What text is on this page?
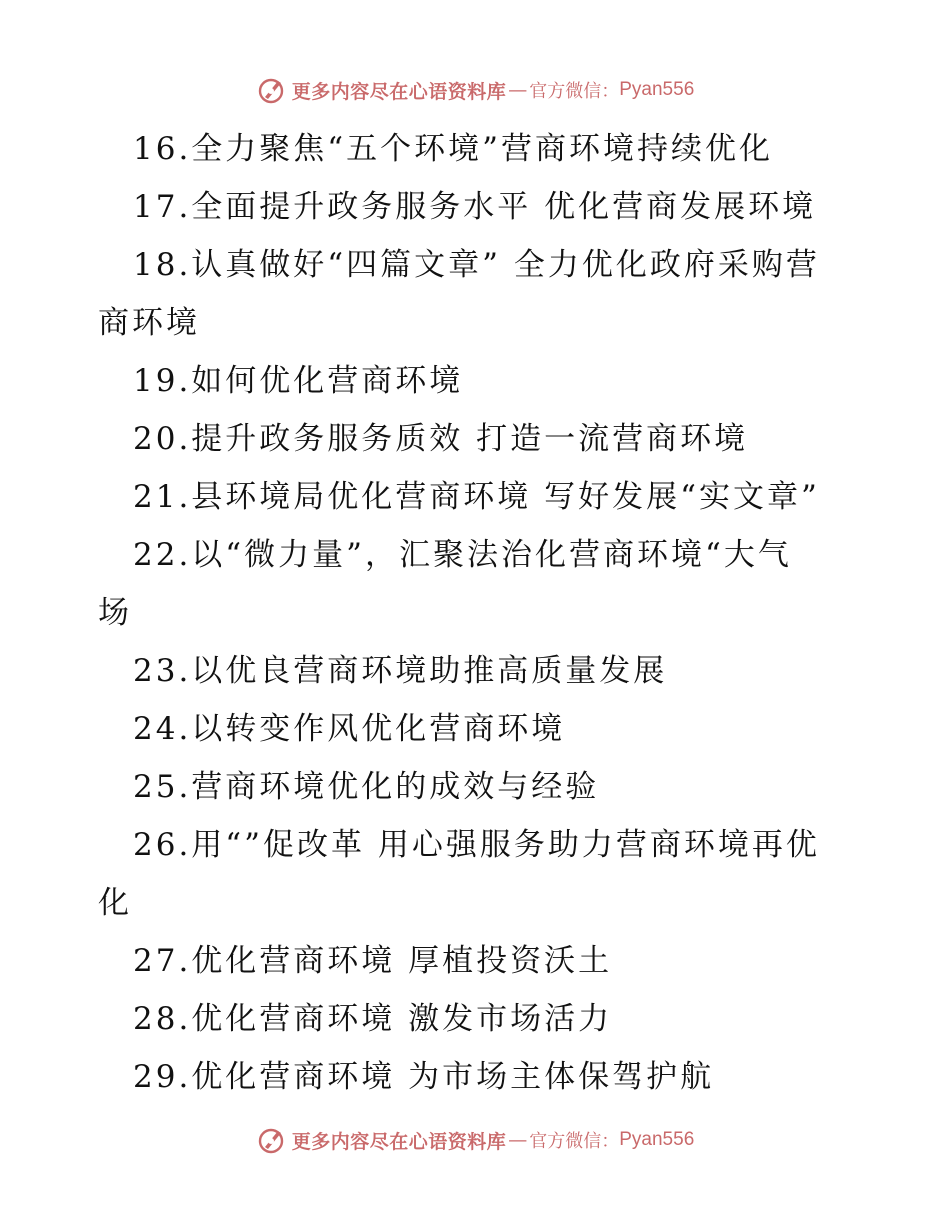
更多内容尽在心语资料库 — 官方微信： Pyan556
16.全力聚焦“五个环境”营商环境持续优化
17.全面提升政务服务水平 优化营商发展环境
18.认真做好“四篇文章” 全力优化政府采购营
商环境
19.如何优化营商环境
20.提升政务服务质效 打造一流营商环境
21.县环境局优化营商环境 写好发展“实文章”
22.以“微力量”，汇聚法治化营商环境“大气
场
23.以优良营商环境助推高质量发展
24.以转变作风优化营商环境
25.营商环境优化的成效与经验
26.用“”促改革 用心强服务助力营商环境再优
化
27.优化营商环境 厚植投资沃土
28.优化营商环境 激发市场活力
29.优化营商环境 为市场主体保驾护航
更多内容尽在心语资料库 — 官方微信： Pyan556
